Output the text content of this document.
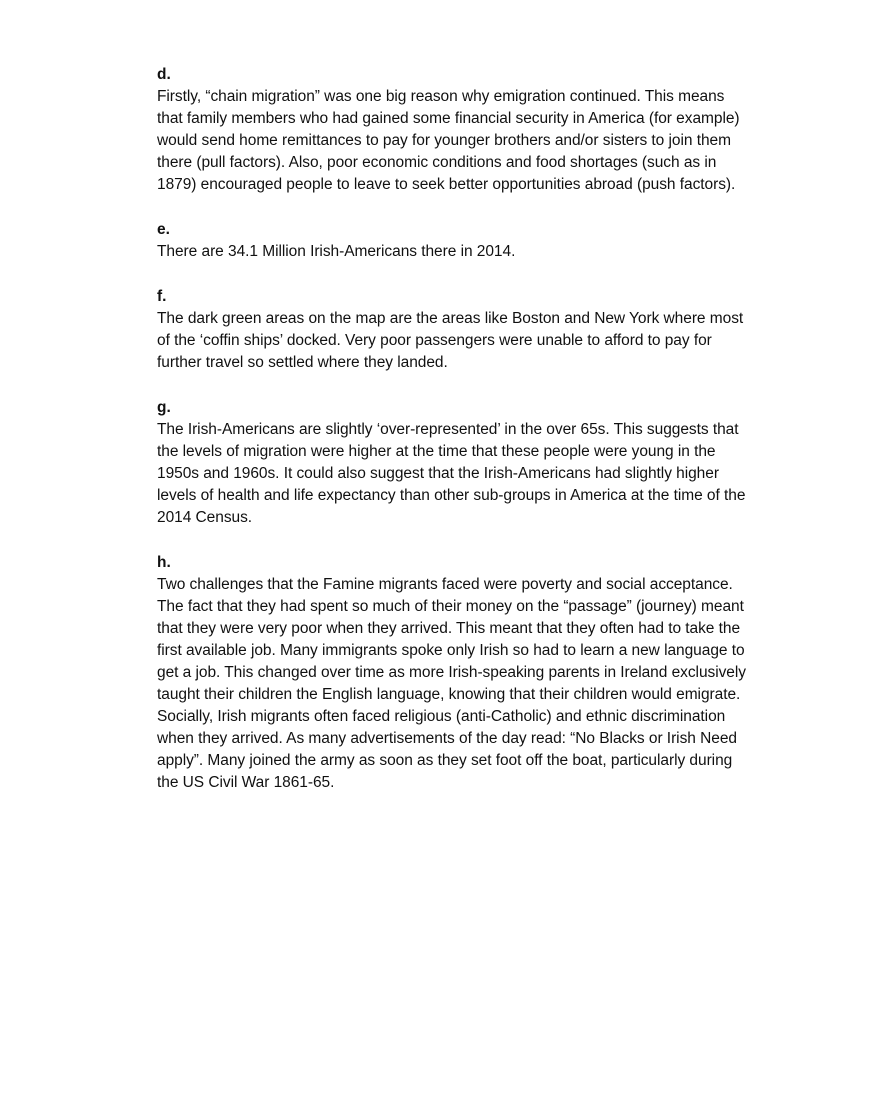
d.

Firstly, “chain migration” was one big reason why emigration continued. This means that family members who had gained some financial security in America (for example) would send home remittances to pay for younger brothers and/or sisters to join them there (pull factors). Also, poor economic conditions and food shortages (such as in 1879) encouraged people to leave to seek better opportunities abroad (push factors).

e.

There are 34.1 Million Irish-Americans there in 2014.

f.

The dark green areas on the map are the areas like Boston and New York where most of the ‘coffin ships’ docked. Very poor passengers were unable to afford to pay for further travel so settled where they landed.

g.

The Irish-Americans are slightly ‘over-represented’ in the over 65s. This suggests that the levels of migration were higher at the time that these people were young in the 1950s and 1960s. It could also suggest that the Irish-Americans had slightly higher levels of health and life expectancy than other sub-groups in America at the time of the 2014 Census.

h.

Two challenges that the Famine migrants faced were poverty and social acceptance. The fact that they had spent so much of their money on the “passage” (journey) meant that they were very poor when they arrived. This meant that they often had to take the first available job. Many immigrants spoke only Irish so had to learn a new language to get a job. This changed over time as more Irish-speaking parents in Ireland exclusively taught their children the English language, knowing that their children would emigrate. Socially, Irish migrants often faced religious (anti-Catholic) and ethnic discrimination when they arrived. As many advertisements of the day read: “No Blacks or Irish Need apply”. Many joined the army as soon as they set foot off the boat, particularly during the US Civil War 1861-65.
